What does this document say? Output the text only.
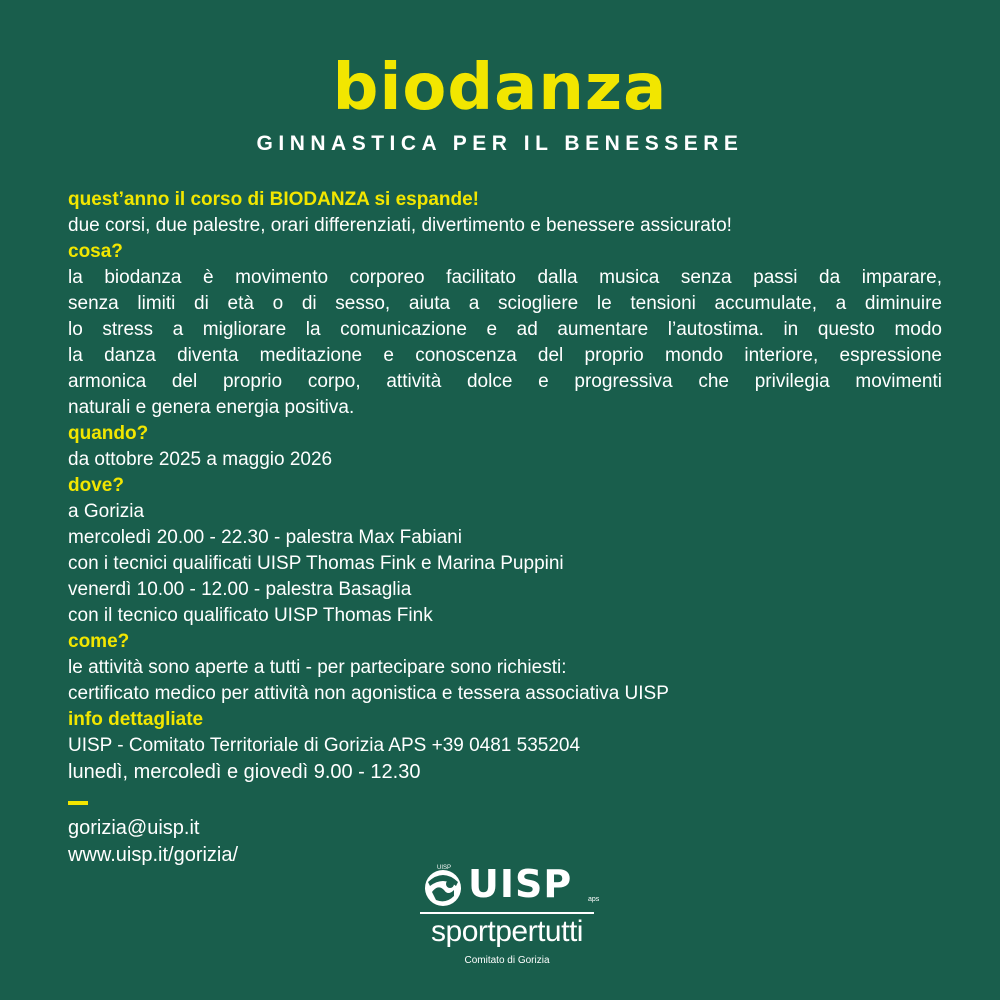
biodanza
GINNASTICA PER IL BENESSERE
quest’anno il corso di BIODANZA si espande!
due corsi, due palestre, orari differenziati, divertimento e benessere assicurato!
cosa?
la biodanza è movimento corporeo facilitato dalla musica senza passi da imparare,
senza limiti di età o di sesso, aiuta a sciogliere le tensioni accumulate, a diminuire
lo stress a migliorare la comunicazione e ad aumentare l’autostima. in questo modo
la danza diventa meditazione e conoscenza del proprio mondo interiore, espressione
armonica del proprio corpo, attività dolce e progressiva che privilegia movimenti
naturali e genera energia positiva.
quando?
da ottobre 2025 a maggio 2026
dove?
a Gorizia
mercoledì 20.00 - 22.30 - palestra Max Fabiani
con i tecnici qualificati UISP Thomas Fink e Marina Puppini
venerdì 10.00 - 12.00 - palestra Basaglia
con il tecnico qualificato UISP Thomas Fink
come?
le attività sono aperte a tutti - per partecipare sono richiesti:
certificato medico per attività non agonistica e tessera associativa UISP
info dettagliate
UISP - Comitato Territoriale di Gorizia APS +39 0481 535204
lunedì, mercoledì e giovedì 9.00 - 12.30
gorizia@uisp.it
www.uisp.it/gorizia/
UISP UISP aps
sportpertutti
Comitato di Gorizia
